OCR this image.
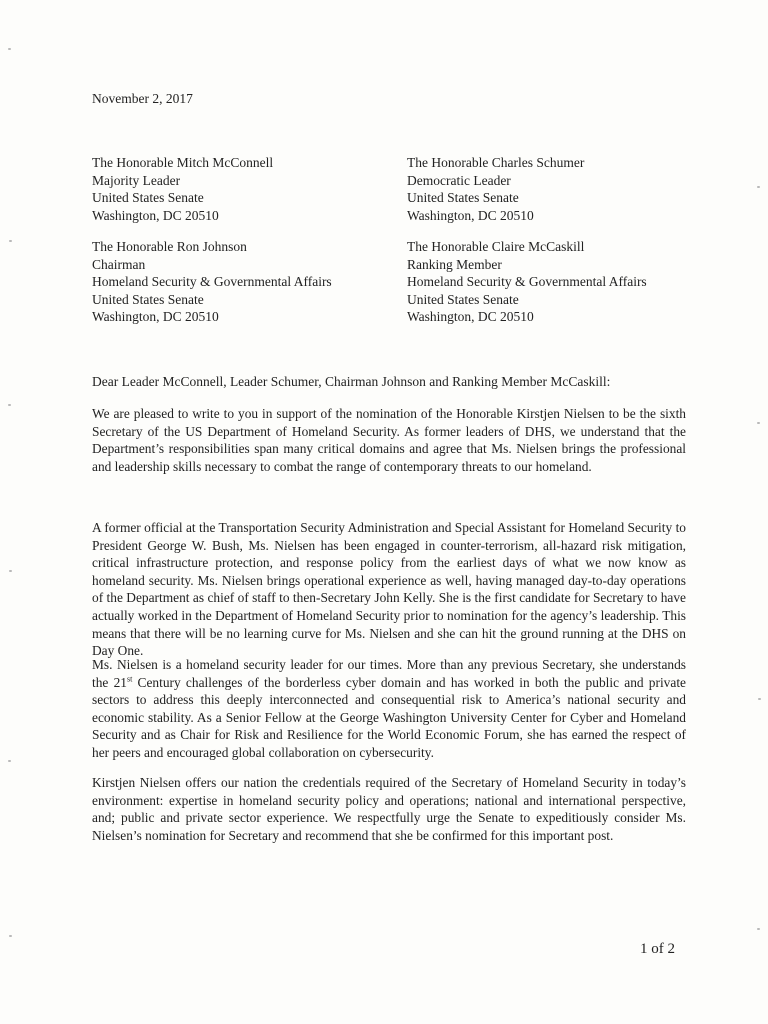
November 2, 2017
The Honorable Mitch McConnell
Majority Leader
United States Senate
Washington, DC 20510
The Honorable Charles Schumer
Democratic Leader
United States Senate
Washington, DC 20510
The Honorable Ron Johnson
Chairman
Homeland Security & Governmental Affairs
United States Senate
Washington, DC 20510
The Honorable Claire McCaskill
Ranking Member
Homeland Security & Governmental Affairs
United States Senate
Washington, DC 20510
Dear Leader McConnell, Leader Schumer, Chairman Johnson and Ranking Member McCaskill:

We are pleased to write to you in support of the nomination of the Honorable Kirstjen Nielsen to be the sixth Secretary of the US Department of Homeland Security. As former leaders of DHS, we understand that the Department’s responsibilities span many critical domains and agree that Ms. Nielsen brings the professional and leadership skills necessary to combat the range of contemporary threats to our homeland.

A former official at the Transportation Security Administration and Special Assistant for Homeland Security to President George W. Bush, Ms. Nielsen has been engaged in counter-terrorism, all-hazard risk mitigation, critical infrastructure protection, and response policy from the earliest days of what we now know as homeland security. Ms. Nielsen brings operational experience as well, having managed day-to-day operations of the Department as chief of staff to then-Secretary John Kelly. She is the first candidate for Secretary to have actually worked in the Department of Homeland Security prior to nomination for the agency’s leadership. This means that there will be no learning curve for Ms. Nielsen and she can hit the ground running at the DHS on Day One.

Ms. Nielsen is a homeland security leader for our times. More than any previous Secretary, she understands the 21st Century challenges of the borderless cyber domain and has worked in both the public and private sectors to address this deeply interconnected and consequential risk to America’s national security and economic stability. As a Senior Fellow at the George Washington University Center for Cyber and Homeland Security and as Chair for Risk and Resilience for the World Economic Forum, she has earned the respect of her peers and encouraged global collaboration on cybersecurity.

Kirstjen Nielsen offers our nation the credentials required of the Secretary of Homeland Security in today’s environment: expertise in homeland security policy and operations; national and international perspective, and; public and private sector experience. We respectfully urge the Senate to expeditiously consider Ms. Nielsen’s nomination for Secretary and recommend that she be confirmed for this important post.

1 of 2
